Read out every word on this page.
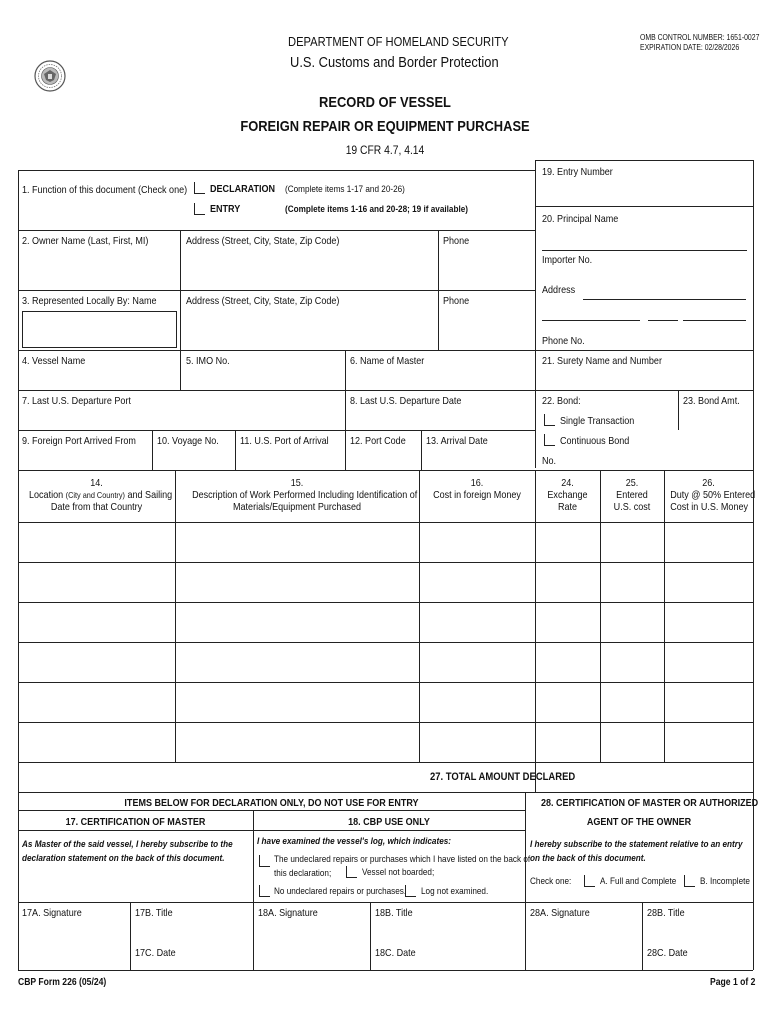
DEPARTMENT OF HOMELAND SECURITY
U.S. Customs and Border Protection
OMB CONTROL NUMBER: 1651-0027
EXPIRATION DATE: 02/28/2026
RECORD OF VESSEL
FOREIGN REPAIR OR EQUIPMENT PURCHASE
19 CFR 4.7, 4.14
1. Function of this document (Check one) DECLARATION (Complete items 1-17 and 20-26)
ENTRY	(Complete items 1-16 and 20-28; 19 if available)
19. Entry Number
20. Principal Name
2. Owner Name (Last, First, MI)	Address (Street, City, State, Zip Code)	Phone
Importer No.
Address
3. Represented Locally By: Name	Address (Street, City, State, Zip Code)	Phone
Phone No.
4. Vessel Name	5. IMO No.	6. Name of Master	21. Surety Name and Number
7. Last U.S. Departure Port	8. Last U.S. Departure Date	22. Bond:	23. Bond Amt.
Single Transaction
Continuous Bond
No.
9. Foreign Port Arrived From 10. Voyage No. 11. U.S. Port of Arrival 12. Port Code 13. Arrival Date
14.
Location (City and Country) and Sailing
Date from that Country
15.
Description of Work Performed Including Identification of
Materials/Equipment Purchased
16.
Cost in foreign Money
24.
Exchange
Rate
25.
Entered
U.S. cost
26.
Duty @ 50% Entered
Cost in U.S. Money
27. TOTAL AMOUNT DECLARED
ITEMS BELOW FOR DECLARATION ONLY, DO NOT USE FOR ENTRY
17. CERTIFICATION OF MASTER	18. CBP USE ONLY
28. CERTIFICATION OF MASTER OR AUTHORIZED
AGENT OF THE OWNER
As Master of the said vessel, I hereby subscribe to the
declaration statement on the back of this document.
I have examined the vessel's log, which indicates:
The undeclared repairs or purchases which I have listed on the back of
this declaration;	Vessel not boarded;
No undeclared repairs or purchases. Log not examined.
I hereby subscribe to the statement relative to an entry
on the back of this document.
Check one:	A. Full and Complete B. Incomplete
17A. Signature	17B. Title
17C. Date
18A. Signature	18B. Title
18C. Date
28A. Signature	28B. Title
28C. Date
CBP Form 226 (05/24)	Page 1 of 2
